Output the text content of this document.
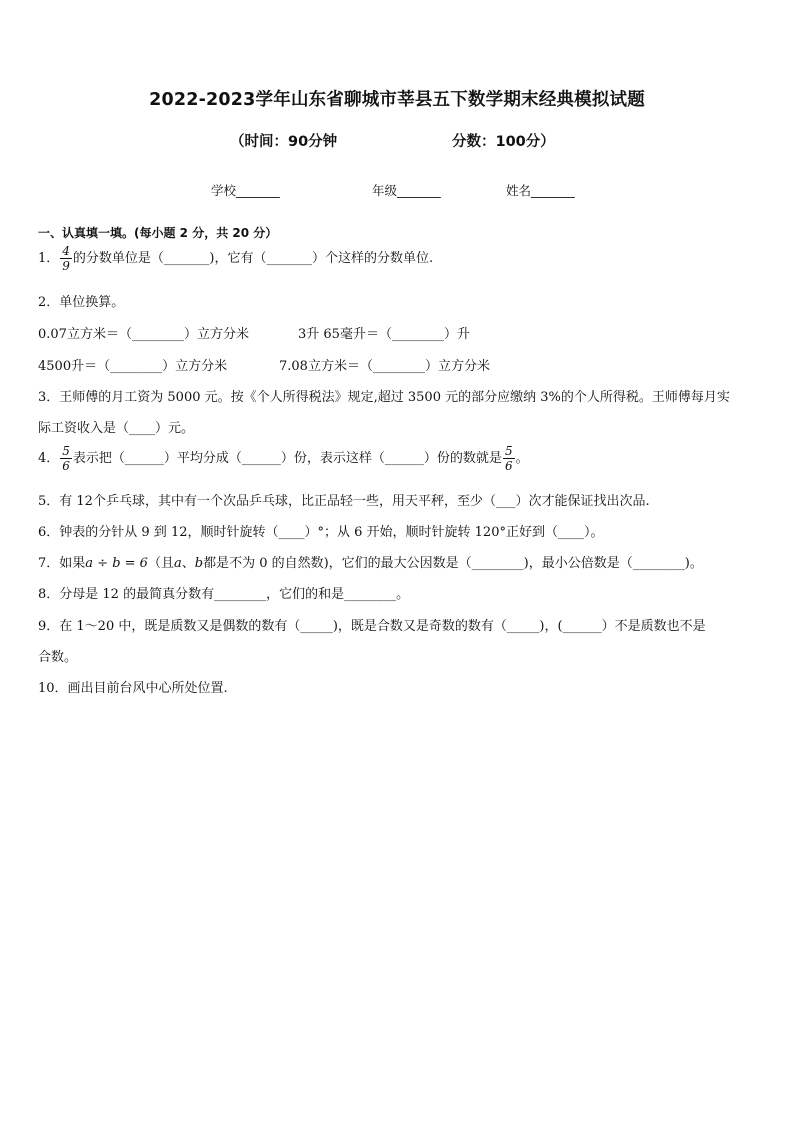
2022-2023学年山东省聊城市莘县五下数学期末经典模拟试题
（时间：90分钟	分数：100分）
学校_______	年级_______	姓名_______
一、认真填一填。(每小题 2 分，共 20 分）
1． $\frac{4}{9}$ 的分数单位是（_______)，它有（_______）个这样的分数单位.
2．单位换算。
0.07立方米＝（________）立方分米	3升 65毫升＝（________）升
4500升＝（________）立方分米	7.08立方米＝（________）立方分米
3．王师傅的月工资为 5000 元。按《个人所得税法》规定,超过 3500 元的部分应缴纳 3%的个人所得税。王师傅每月实
际工资收入是（____）元。
4． $\frac{5}{6}$ 表示把（______）平均分成（______）份，表示这样（______）份的数就是 $\frac{5}{6}$ 。
5．有 12个乒乓球，其中有一个次品乒乓球，比正品轻一些，用天平秤，至少（___）次才能保证找出次品.
6．钟表的分针从 9 到 12，顺时针旋转（____）°；从 6 开始，顺时针旋转 120°正好到（____）。
7．如果a ÷ b = 6（且a、b都是不为 0 的自然数)，它们的最大公因数是（________)，最小公倍数是（________)。
8．分母是 12 的最简真分数有________，它们的和是________。
9．在 1～20 中，既是质数又是偶数的数有（_____)，既是合数又是奇数的数有（_____)，(______）不是质数也不是
合数。
10．画出目前台风中心所处位置.
